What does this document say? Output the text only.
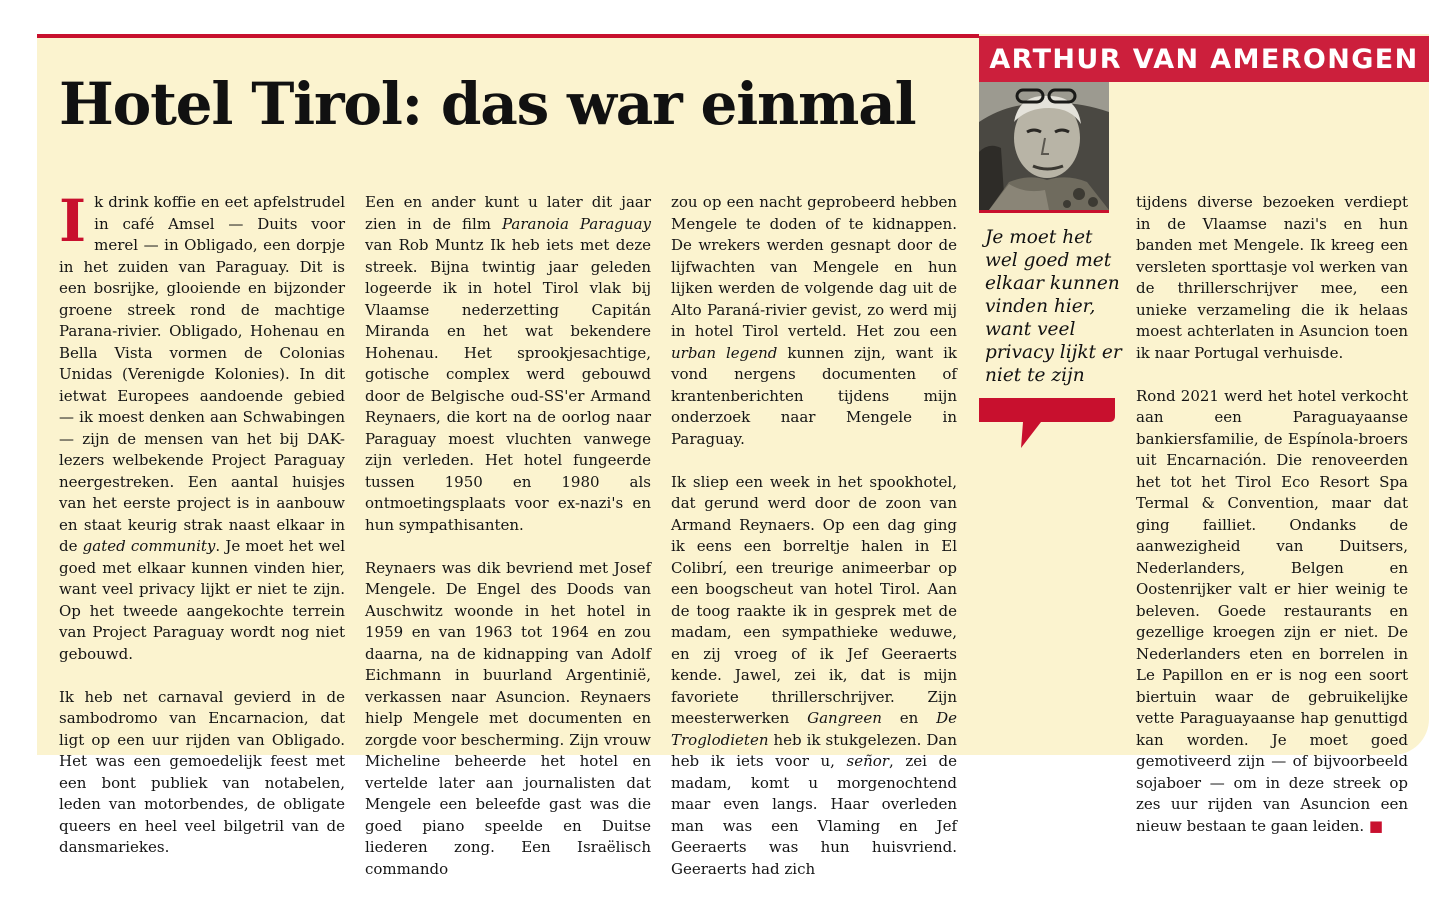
ARTHUR VAN AMERONGEN
Hotel Tirol: das war einmal

Ik drink koffie en eet apfelstrudel in café Amsel — Duits voor merel — in Obligado, een dorpje in het zuiden van Paraguay. Dit is een bosrijke, glooiende en bijzonder groene streek rond de machtige Parana-rivier. Obligado, Hohenau en Bella Vista vormen de Colonias Unidas (Verenigde Kolonies). In dit ietwat Europees aandoende gebied — ik moest denken aan Schwabingen — zijn de mensen van het bij DAK-lezers welbekende Project Paraguay neergestreken. Een aantal huisjes van het eerste project is in aanbouw en staat keurig strak naast elkaar in de gated community. Je moet het wel goed met elkaar kunnen vinden hier, want veel privacy lijkt er niet te zijn. Op het tweede aangekochte terrein van Project Paraguay wordt nog niet gebouwd.

Ik heb net carnaval gevierd in de sambodromo van Encarnacion, dat ligt op een uur rijden van Obligado. Het was een gemoedelijk feest met een bont publiek van notabelen, leden van motorbendes, de obligate queers en heel veel bilgetril van de dansmariekes.

Een en ander kunt u later dit jaar zien in de film Paranoia Paraguay van Rob Muntz Ik heb iets met deze streek. Bijna twintig jaar geleden logeerde ik in hotel Tirol vlak bij Vlaamse nederzetting Capitán Miranda en het wat bekendere Hohenau. Het sprookjesachtige, gotische complex werd gebouwd door de Belgische oud-SS'er Armand Reynaers, die kort na de oorlog naar Paraguay moest vluchten vanwege zijn verleden. Het hotel fungeerde tussen 1950 en 1980 als ontmoetingsplaats voor ex-nazi's en hun sympathisanten.

Reynaers was dik bevriend met Josef Mengele. De Engel des Doods van Auschwitz woonde in het hotel in 1959 en van 1963 tot 1964 en zou daarna, na de kidnapping van Adolf Eichmann in buurland Argentinië, verkassen naar Asuncion. Reynaers hielp Mengele met documenten en zorgde voor bescherming. Zijn vrouw Micheline beheerde het hotel en vertelde later aan journalisten dat Mengele een beleefde gast was die goed piano speelde en Duitse liederen zong. Een Israëlisch commando

zou op een nacht geprobeerd hebben Mengele te doden of te kidnappen. De wrekers werden gesnapt door de lijfwachten van Mengele en hun lijken werden de volgende dag uit de Alto Paraná-rivier gevist, zo werd mij in hotel Tirol verteld. Het zou een urban legend kunnen zijn, want ik vond nergens documenten of krantenberichten tijdens mijn onderzoek naar Mengele in Paraguay.

Ik sliep een week in het spookhotel, dat gerund werd door de zoon van Armand Reynaers. Op een dag ging ik eens een borreltje halen in El Colibrí, een treurige animeerbar op een boogscheut van hotel Tirol. Aan de toog raakte ik in gesprek met de madam, een sympathieke weduwe, en zij vroeg of ik Jef Geeraerts kende. Jawel, zei ik, dat is mijn favoriete thrillerschrijver. Zijn meesterwerken Gangreen en De Troglodieten heb ik stukgelezen. Dan heb ik iets voor u, señor, zei de madam, komt u morgenochtend maar even langs. Haar overleden man was een Vlaming en Jef Geeraerts was hun huisvriend. Geeraerts had zich

tijdens diverse bezoeken verdiept in de Vlaamse nazi's en hun banden met Mengele. Ik kreeg een versleten sporttasje vol werken van de thrillerschrijver mee, een unieke verzameling die ik helaas moest achterlaten in Asuncion toen ik naar Portugal verhuisde.

Rond 2021 werd het hotel verkocht aan een Paraguayaanse bankiersfamilie, de Espínola-broers uit Encarnación. Die renoveerden het tot het Tirol Eco Resort Spa Termal & Convention, maar dat ging failliet. Ondanks de aanwezigheid van Duitsers, Nederlanders, Belgen en Oostenrijker valt er hier weinig te beleven. Goede restaurants en gezellige kroegen zijn er niet. De Nederlanders eten en borrelen in Le Papillon en er is nog een soort biertuin waar de gebruikelijke vette Paraguayaanse hap genuttigd kan worden. Je moet goed gemotiveerd zijn — of bijvoorbeeld sojaboer — om in deze streek op zes uur rijden van Asuncion een nieuw bestaan te gaan leiden. ■

Je moet het wel goed met elkaar kunnen vinden hier, want veel privacy lijkt er niet te zijn
